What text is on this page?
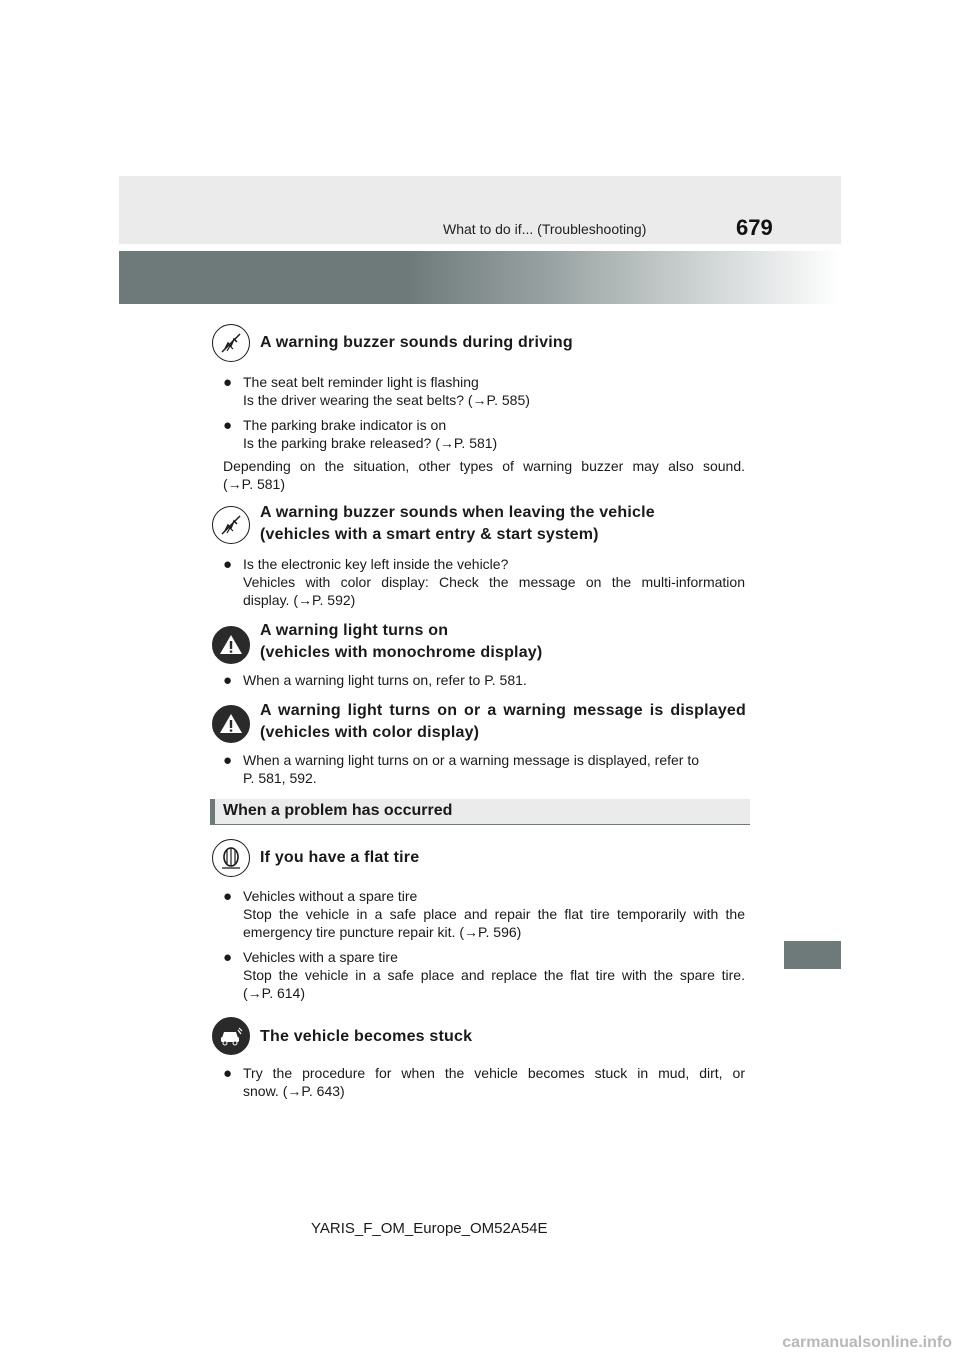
What to do if... (Troubleshooting)	679
A warning buzzer sounds during driving
● The seat belt reminder light is flashing
Is the driver wearing the seat belts? (→P. 585)
● The parking brake indicator is on
Is the parking brake released? (→P. 581)
Depending on the situation, other types of warning buzzer may also sound.
(→P. 581)
A warning buzzer sounds when leaving the vehicle
(vehicles with a smart entry & start system)
● Is the electronic key left inside the vehicle?
Vehicles with color display: Check the message on the multi-information
display. (→P. 592)
A warning light turns on
(vehicles with monochrome display)
● When a warning light turns on, refer to P. 581.
A warning light turns on or a warning message is displayed
(vehicles with color display)
● When a warning light turns on or a warning message is displayed, refer to
P. 581, 592.
When a problem has occurred
If you have a flat tire
● Vehicles without a spare tire
Stop the vehicle in a safe place and repair the flat tire temporarily with the
emergency tire puncture repair kit. (→P. 596)
● Vehicles with a spare tire
Stop the vehicle in a safe place and replace the flat tire with the spare tire.
(→P. 614)
The vehicle becomes stuck
● Try the procedure for when the vehicle becomes stuck in mud, dirt, or
snow. (→P. 643)
YARIS_F_OM_Europe_OM52A54E
carmanualsonline.info
